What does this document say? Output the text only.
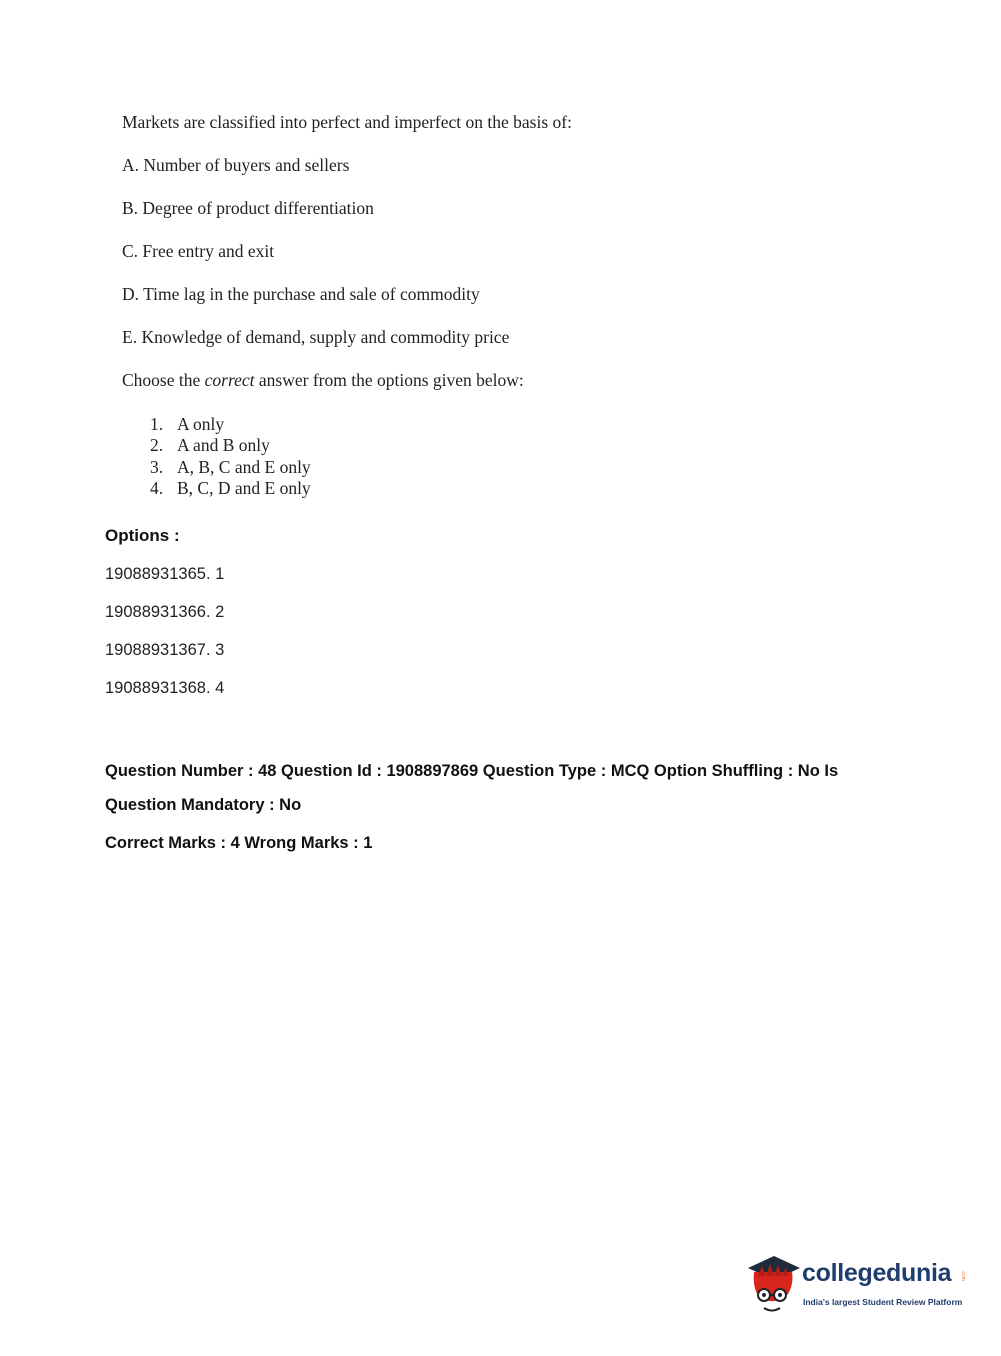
Markets are classified into perfect and imperfect on the basis of:
A. Number of buyers and sellers
B. Degree of product differentiation
C. Free entry and exit
D. Time lag in the purchase and sale of commodity
E. Knowledge of demand, supply and commodity price
Choose the correct answer from the options given below:
1. A only
2. A and B only
3. A, B, C and E only
4. B, C, D and E only
Options :
19088931365. 1
19088931366. 2
19088931367. 3
19088931368. 4
Question Number : 48 Question Id : 1908897869 Question Type : MCQ Option Shuffling : No Is
Question Mandatory : No
Correct Marks : 4 Wrong Marks : 1
collegedunia .com
India's largest Student Review Platform
